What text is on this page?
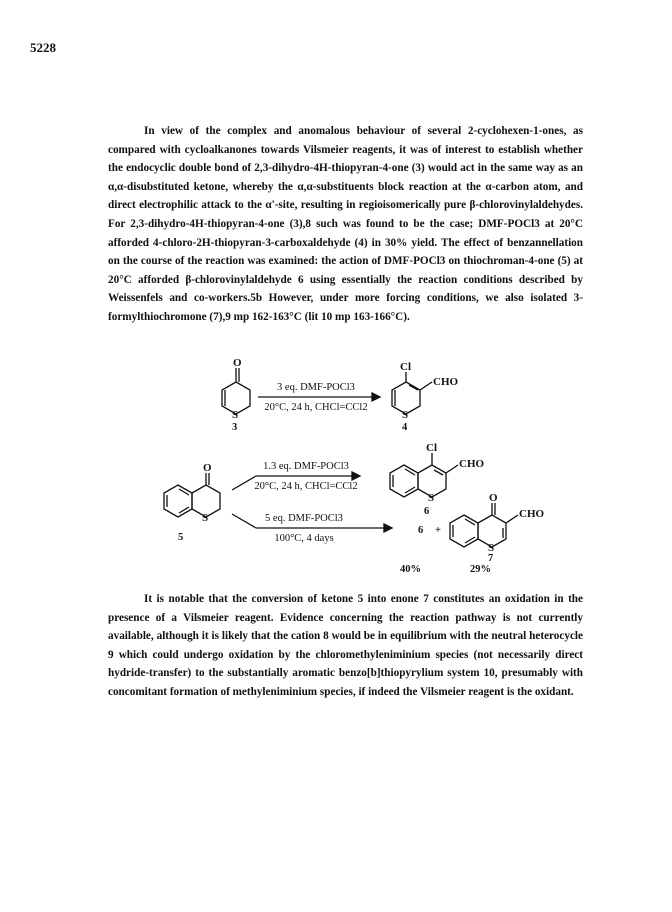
5228

In view of the complex and anomalous behaviour of several 2-cyclohexen-1-ones, as compared with cycloalkanones towards Vilsmeier reagents, it was of interest to establish whether the endocyclic double bond of 2,3-dihydro-4H-thiopyran-4-one (3) would act in the same way as an α,α-disubstituted ketone, whereby the α,α-substituents block reaction at the α-carbon atom, and direct electrophilic attack to the α'-site, resulting in regioisomerically pure β-chlorovinylaldehydes. For 2,3-dihydro-4H-thiopyran-4-one (3),8 such was found to be the case; DMF-POCl3 at 20°C afforded 4-chloro-2H-thiopyran-3-carboxaldehyde (4) in 30% yield. The effect of benzannellation on the course of the reaction was examined: the action of DMF-POCl3 on thiochroman-4-one (5) at 20°C afforded β-chlorovinylaldehyde 6 using essentially the reaction conditions described by Weissenfels and co-workers.5b However, under more forcing conditions, we also isolated 3-formylthiochromone (7),9 mp 162-163°C (lit 10 mp 163-166°C).

O
S
3
Cl
CHO
S
4
O
S
5
Cl
CHO
S
6
6 +
O
CHO
S
7
40%	29%
3 eq. DMF-POCl3
20°C, 24 h, CHCl=CCl2
1.3 eq. DMF-POCl3
20°C, 24 h, CHCl=CCl2
5 eq. DMF-POCl3
100°C, 4 days

It is notable that the conversion of ketone 5 into enone 7 constitutes an oxidation in the presence of a Vilsmeier reagent. Evidence concerning the reaction pathway is not currently available, although it is likely that the cation 8 would be in equilibrium with the neutral heterocycle 9 which could undergo oxidation by the chloromethyleniminium species (not necessarily direct hydride-transfer) to the substantially aromatic benzo[b]thiopyrylium system 10, presumably with concomitant formation of methyleniminium species, if indeed the Vilsmeier reagent is the oxidant.
